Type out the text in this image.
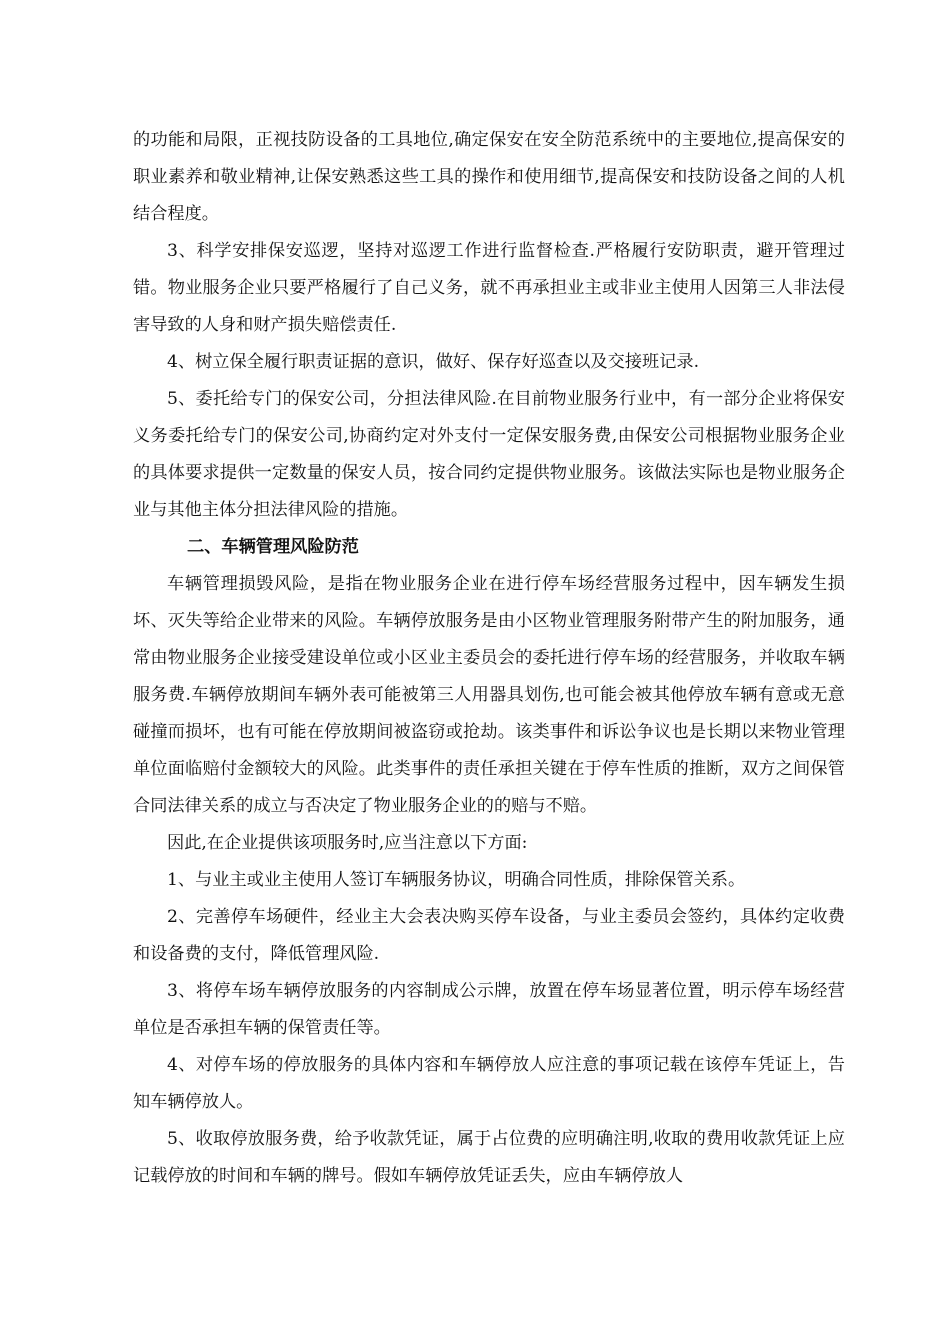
的功能和局限，正视技防设备的工具地位,确定保安在安全防范系统中的主要地位,提高保安的职业素养和敬业精神,让保安熟悉这些工具的操作和使用细节,提高保安和技防设备之间的人机结合程度。

3、科学安排保安巡逻，坚持对巡逻工作进行监督检查.严格履行安防职责，避开管理过错。物业服务企业只要严格履行了自己义务，就不再承担业主或非业主使用人因第三人非法侵害导致的人身和财产损失赔偿责任.

4、树立保全履行职责证据的意识，做好、保存好巡查以及交接班记录.

5、委托给专门的保安公司，分担法律风险.在目前物业服务行业中，有一部分企业将保安义务委托给专门的保安公司,协商约定对外支付一定保安服务费,由保安公司根据物业服务企业的具体要求提供一定数量的保安人员，按合同约定提供物业服务。该做法实际也是物业服务企业与其他主体分担法律风险的措施。

二、车辆管理风险防范

车辆管理损毁风险，是指在物业服务企业在进行停车场经营服务过程中，因车辆发生损坏、灭失等给企业带来的风险。车辆停放服务是由小区物业管理服务附带产生的附加服务，通常由物业服务企业接受建设单位或小区业主委员会的委托进行停车场的经营服务，并收取车辆服务费.车辆停放期间车辆外表可能被第三人用器具划伤,也可能会被其他停放车辆有意或无意碰撞而损坏，也有可能在停放期间被盗窃或抢劫。该类事件和诉讼争议也是长期以来物业管理单位面临赔付金额较大的风险。此类事件的责任承担关键在于停车性质的推断，双方之间保管合同法律关系的成立与否决定了物业服务企业的的赔与不赔。

因此,在企业提供该项服务时,应当注意以下方面:

1、与业主或业主使用人签订车辆服务协议，明确合同性质，排除保管关系。

2、完善停车场硬件，经业主大会表决购买停车设备，与业主委员会签约，具体约定收费和设备费的支付，降低管理风险.

3、将停车场车辆停放服务的内容制成公示牌，放置在停车场显著位置，明示停车场经营单位是否承担车辆的保管责任等。

4、对停车场的停放服务的具体内容和车辆停放人应注意的事项记载在该停车凭证上，告知车辆停放人。

5、收取停放服务费，给予收款凭证，属于占位费的应明确注明,收取的费用收款凭证上应记载停放的时间和车辆的牌号。假如车辆停放凭证丢失，应由车辆停放人
